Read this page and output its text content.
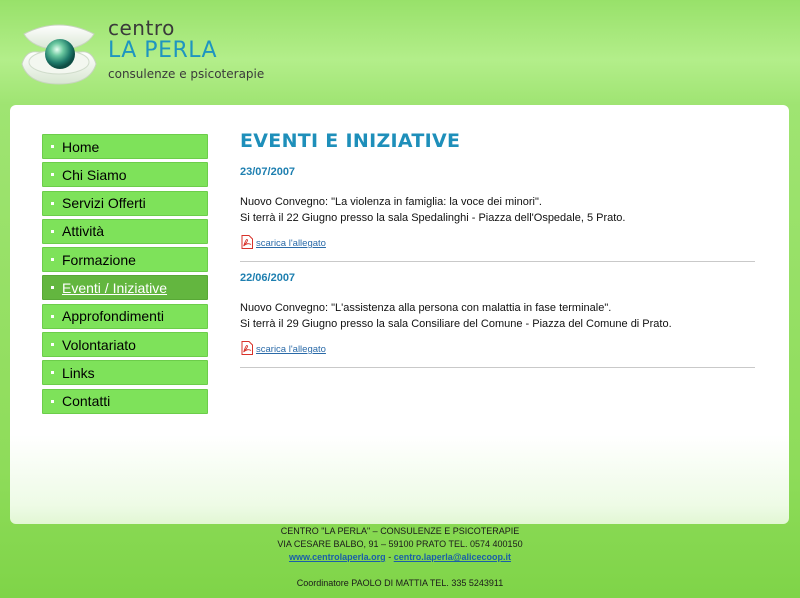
centro
LA PERLA
consulenze e psicoterapie
Home
Chi Siamo
Servizi Offerti
Attività
Formazione
Eventi / Iniziative
Approfondimenti
Volontariato
Links
Contatti
EVENTI E INIZIATIVE
23/07/2007
Nuovo Convegno: "La violenza in famiglia: la voce dei minori".
Si terrà il 22 Giugno presso la sala Spedalinghi - Piazza dell'Ospedale, 5 Prato.
scarica l'allegato
22/06/2007
Nuovo Convegno: "L'assistenza alla persona con malattia in fase terminale".
Si terrà il 29 Giugno presso la sala Consiliare del Comune - Piazza del Comune di Prato.
scarica l'allegato
CENTRO "LA PERLA" – CONSULENZE E PSICOTERAPIE
VIA CESARE BALBO, 91 – 59100 PRATO TEL. 0574 400150
www.centrolaperla.org - centro.laperla@alicecoop.it
Coordinatore PAOLO DI MATTIA TEL. 335 5243911
